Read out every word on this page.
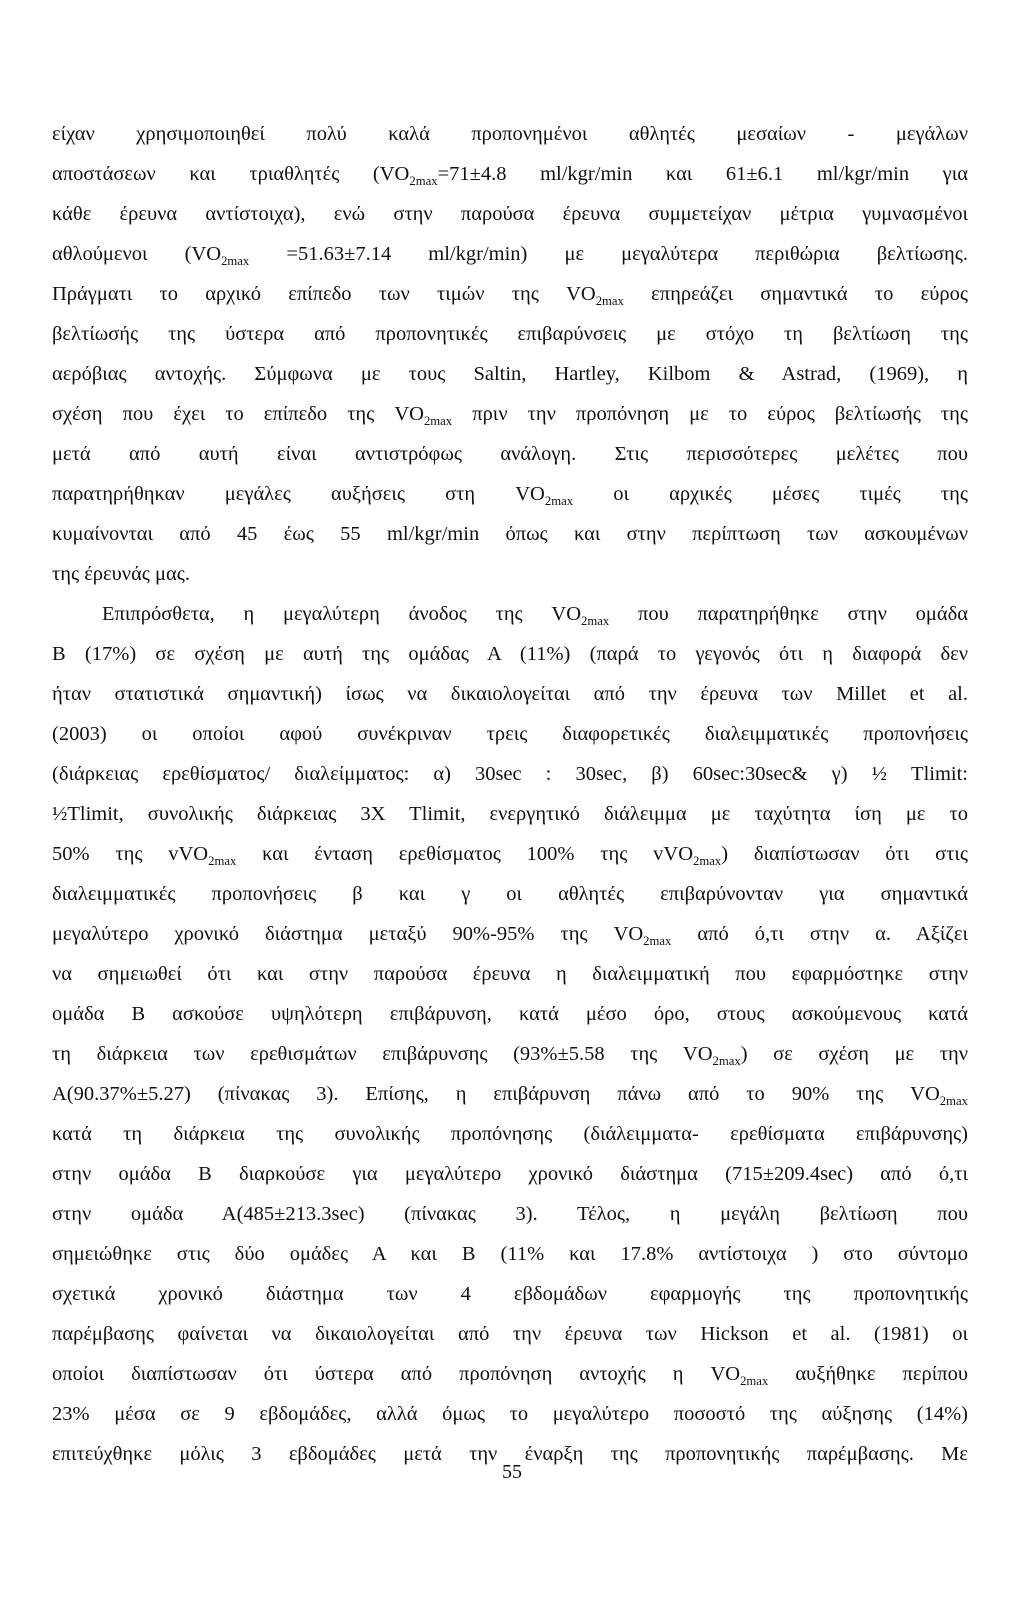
είχαν χρησιμοποιηθεί πολύ καλά προπονημένοι αθλητές μεσαίων - μεγάλων
αποστάσεων και τριαθλητές ($VO_{2max}=71\pm 4.8$ ml/kgr/min και 61±6.1 ml/kgr/min για
κάθε έρευνα αντίστοιχα), ενώ στην παρούσα έρευνα συμμετείχαν μέτρια γυμνασμένοι
αθλούμενοι ($VO_{2max} =51.63\pm 7.14$ ml/kgr/min) με μεγαλύτερα περιθώρια βελτίωσης.
Πράγματι το αρχικό επίπεδο των τιμών της $VO_{2max}$ επηρεάζει σημαντικά το εύρος
βελτίωσής της ύστερα από προπονητικές επιβαρύνσεις με στόχο τη βελτίωση της
αερόβιας αντοχής. Σύμφωνα με τους Saltin, Hartley, Kilbom & Astrad, (1969), η
σχέση που έχει το επίπεδο της $VO_{2max}$ πριν την προπόνηση με το εύρος βελτίωσής της
μετά από αυτή είναι αντιστρόφως ανάλογη. Στις περισσότερες μελέτες που
παρατηρήθηκαν μεγάλες αυξήσεις στη $VO_{2max}$ οι αρχικές μέσες τιμές της
κυμαίνονται από 45 έως 55 ml/kgr/min όπως και στην περίπτωση των ασκουμένων
της έρευνάς μας.
Επιπρόσθετα, η μεγαλύτερη άνοδος της $VO_{2max}$ που παρατηρήθηκε στην ομάδα
Β (17%) σε σχέση με αυτή της ομάδας Α (11%) (παρά το γεγονός ότι η διαφορά δεν
ήταν στατιστικά σημαντική) ίσως να δικαιολογείται από την έρευνα των Millet et al.
(2003) οι οποίοι αφού συνέκριναν τρεις διαφορετικές διαλειμματικές προπονήσεις
(διάρκειας ερεθίσματος/ διαλείμματος: α) 30sec : 30sec, β) 60sec:30sec& γ) ½ Tlimit:
½Tlimit, συνολικής διάρκειας 3X Tlimit, ενεργητικό διάλειμμα με ταχύτητα ίση με το
50% της vVO$_{2max}$ και ένταση ερεθίσματος 100% της vVO$_{2max}$) διαπίστωσαν ότι στις
διαλειμματικές προπονήσεις β και γ οι αθλητές επιβαρύνονταν για σημαντικά
μεγαλύτερο χρονικό διάστημα μεταξύ 90%-95% της $VO_{2max}$ από ό,τι στην α. Αξίζει
να σημειωθεί ότι και στην παρούσα έρευνα η διαλειμματική που εφαρμόστηκε στην
ομάδα Β ασκούσε υψηλότερη επιβάρυνση, κατά μέσο όρο, στους ασκούμενους κατά
τη διάρκεια των ερεθισμάτων επιβάρυνσης (93%±5.58 της $VO_{2max}$) σε σχέση με την
Α(90.37%±5.27) (πίνακας 3). Επίσης, η επιβάρυνση πάνω από το 90% της $VO_{2max}$
κατά τη διάρκεια της συνολικής προπόνησης (διάλειμματα- ερεθίσματα επιβάρυνσης)
στην ομάδα Β διαρκούσε για μεγαλύτερο χρονικό διάστημα (715±209.4sec) από ό,τι
στην ομάδα Α(485±213.3sec) (πίνακας 3). Τέλος, η μεγάλη βελτίωση που
σημειώθηκε στις δύο ομάδες Α και Β (11% και 17.8% αντίστοιχα ) στο σύντομο
σχετικά χρονικό διάστημα των 4 εβδομάδων εφαρμογής της προπονητικής
παρέμβασης φαίνεται να δικαιολογείται από την έρευνα των Hickson et al. (1981) οι
οποίοι διαπίστωσαν ότι ύστερα από προπόνηση αντοχής η $VO_{2max}$ αυξήθηκε περίπου
23% μέσα σε 9 εβδομάδες, αλλά όμως το μεγαλύτερο ποσοστό της αύξησης (14%)
επιτεύχθηκε μόλις 3 εβδομάδες μετά την έναρξη της προπονητικής παρέμβασης. Με
55
